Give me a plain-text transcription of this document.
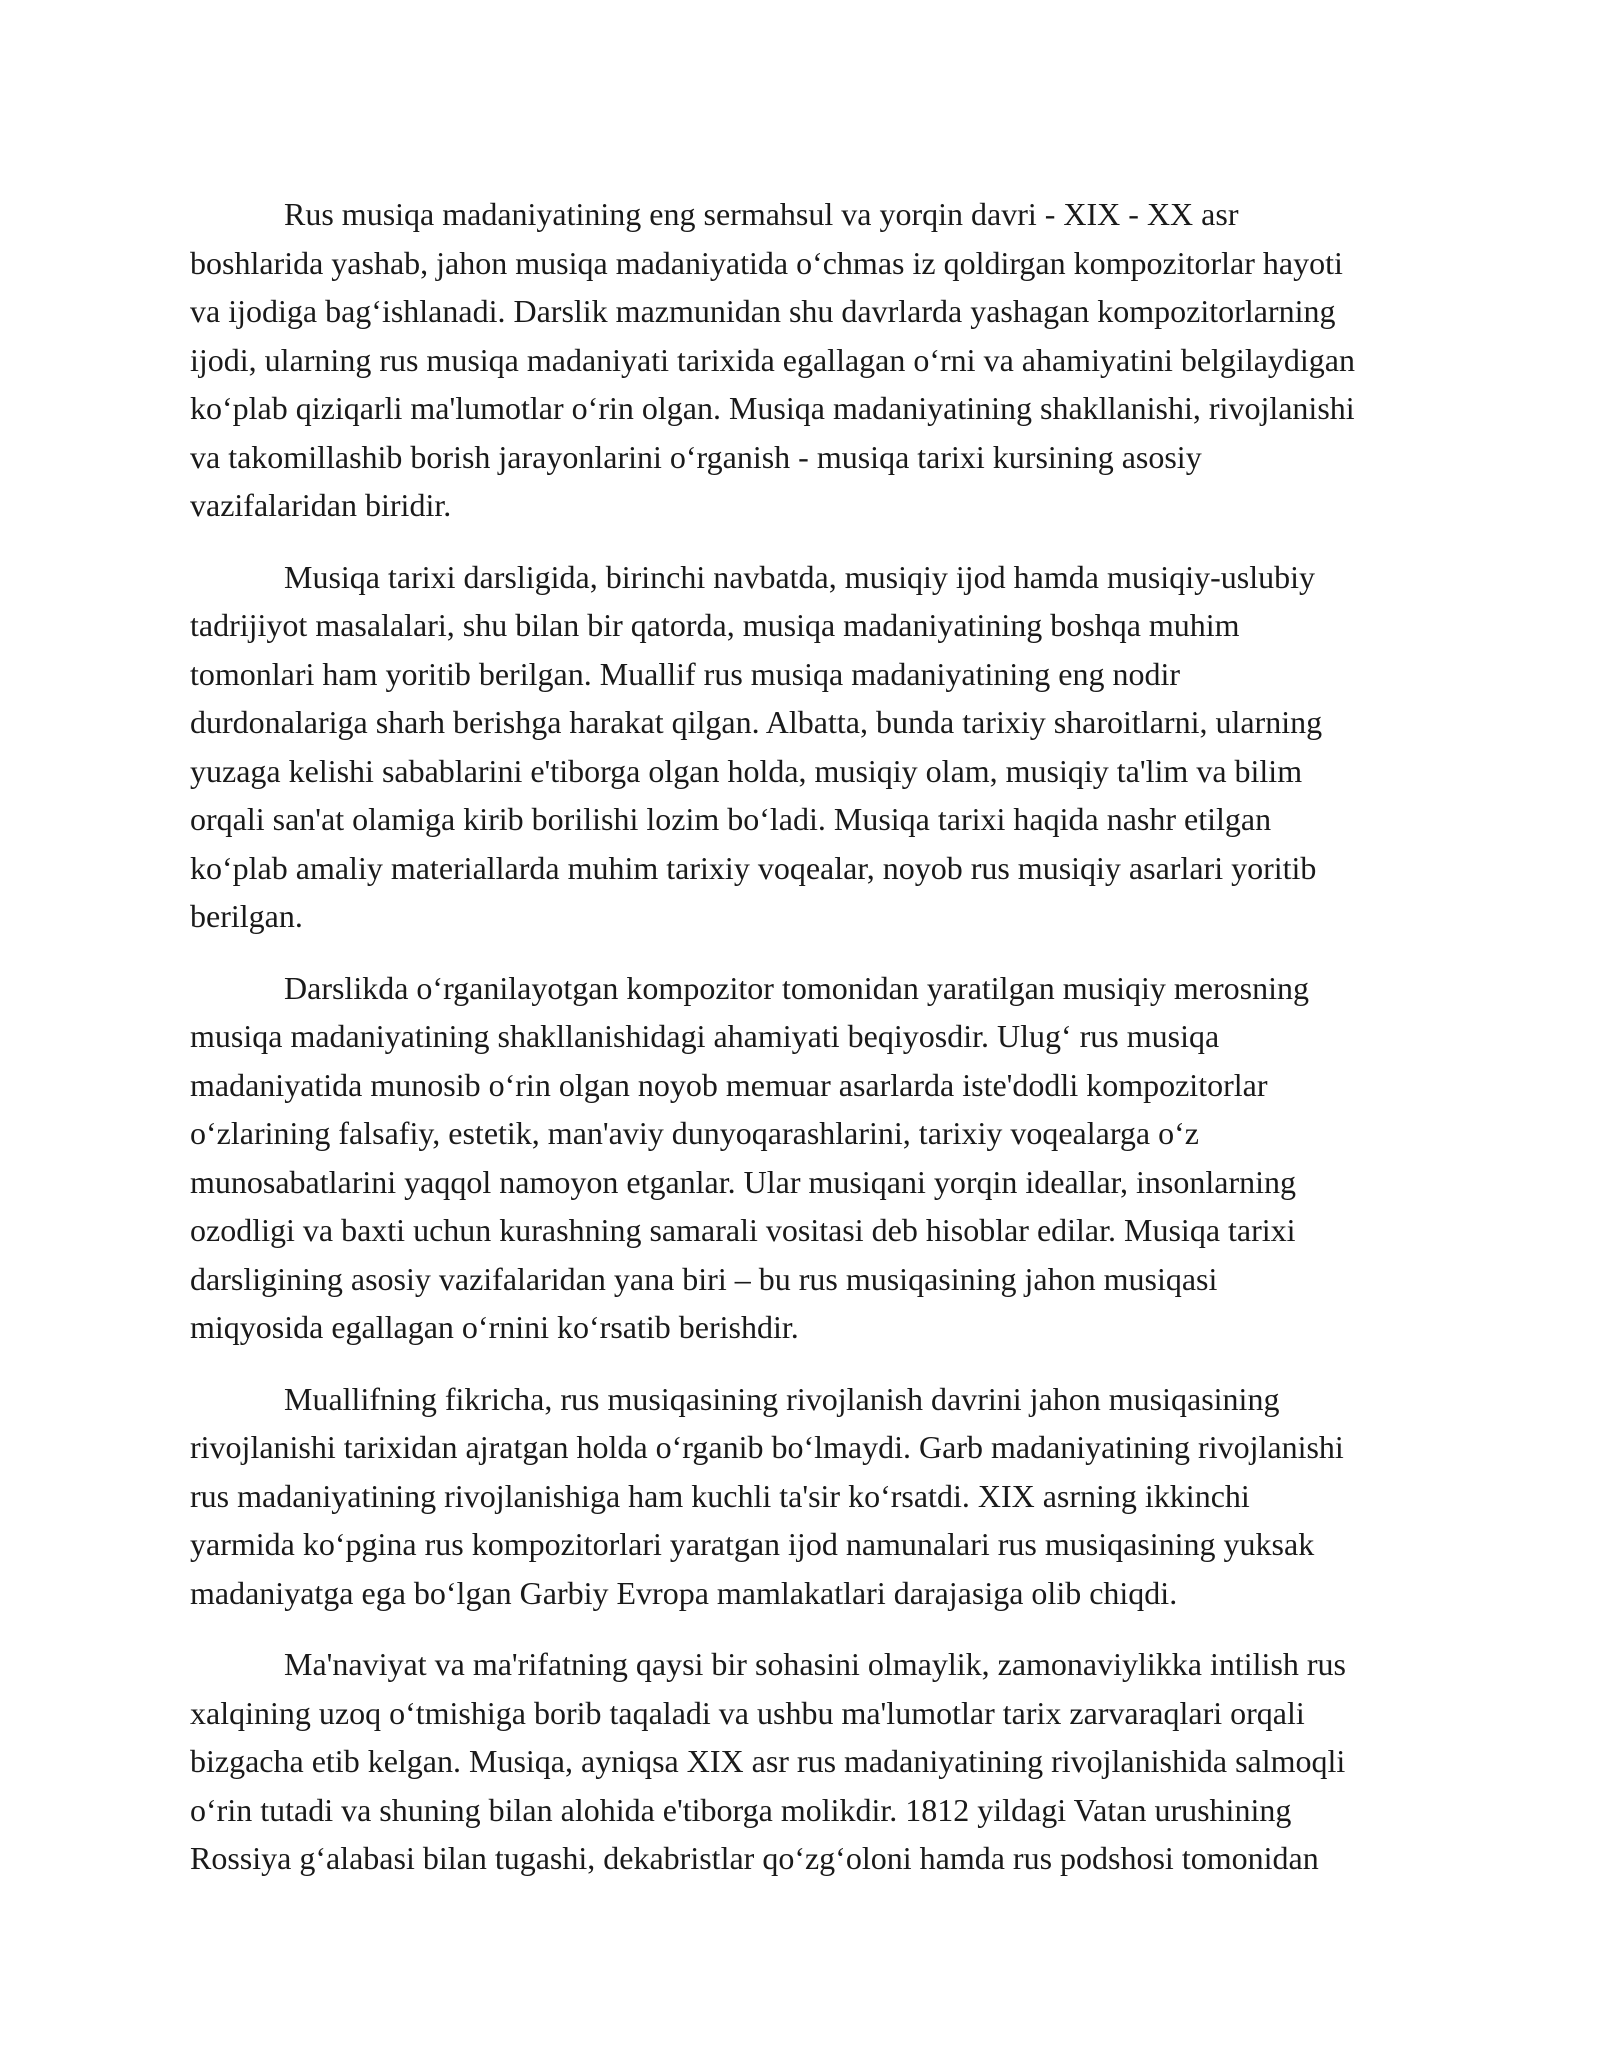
Rus musiqa madaniyatining eng sermahsul va yorqin davri - XIX - XX asr
boshlarida yashab, jahon musiqa madaniyatida oʻchmas iz qoldirgan kompozitorlar hayoti
va ijodiga bagʻishlanadi. Darslik mazmunidan shu davrlarda yashagan kompozitorlarning
ijodi, ularning rus musiqa madaniyati tarixida egallagan oʻrni va ahamiyatini belgilaydigan
koʻplab qiziqarli ma'lumotlar oʻrin olgan. Musiqa madaniyatining shakllanishi, rivojlanishi
va takomillashib borish jarayonlarini oʻrganish - musiqa tarixi kursining asosiy
vazifalaridan biridir.

Musiqa tarixi darsligida, birinchi navbatda, musiqiy ijod hamda musiqiy-uslubiy
tadrijiyot masalalari, shu bilan bir qatorda, musiqa madaniyatining boshqa muhim
tomonlari ham yoritib berilgan. Muallif rus musiqa madaniyatining eng nodir
durdonalariga sharh berishga harakat qilgan. Albatta, bunda tarixiy sharoitlarni, ularning
yuzaga kelishi sabablarini e'tiborga olgan holda, musiqiy olam, musiqiy ta'lim va bilim
orqali san'at olamiga kirib borilishi lozim boʻladi. Musiqa tarixi haqida nashr etilgan
koʻplab amaliy materiallarda muhim tarixiy voqealar, noyob rus musiqiy asarlari yoritib
berilgan.

Darslikda oʻrganilayotgan kompozitor tomonidan yaratilgan musiqiy merosning
musiqa madaniyatining shakllanishidagi ahamiyati beqiyosdir. Ulugʻ rus musiqa
madaniyatida munosib oʻrin olgan noyob memuar asarlarda iste'dodli kompozitorlar
oʻzlarining falsafiy, estetik, man'aviy dunyoqarashlarini, tarixiy voqealarga oʻz
munosabatlarini yaqqol namoyon etganlar. Ular musiqani yorqin ideallar, insonlarning
ozodligi va baxti uchun kurashning samarali vositasi deb hisoblar edilar. Musiqa tarixi
darsligining asosiy vazifalaridan yana biri – bu rus musiqasining jahon musiqasi
miqyosida egallagan oʻrnini koʻrsatib berishdir.

Muallifning fikricha, rus musiqasining rivojlanish davrini jahon musiqasining
rivojlanishi tarixidan ajratgan holda oʻrganib boʻlmaydi. Garb madaniyatining rivojlanishi
rus madaniyatining rivojlanishiga ham kuchli ta'sir koʻrsatdi. XIX asrning ikkinchi
yarmida koʻpgina rus kompozitorlari yaratgan ijod namunalari rus musiqasining yuksak
madaniyatga ega boʻlgan Garbiy Evropa mamlakatlari darajasiga olib chiqdi.

Ma'naviyat va ma'rifatning qaysi bir sohasini olmaylik, zamonaviylikka intilish rus
xalqining uzoq oʻtmishiga borib taqaladi va ushbu ma'lumotlar tarix zarvaraqlari orqali
bizgacha etib kelgan. Musiqa, ayniqsa XIX asr rus madaniyatining rivojlanishida salmoqli
oʻrin tutadi va shuning bilan alohida e'tiborga molikdir. 1812 yildagi Vatan urushining
Rossiya gʻalabasi bilan tugashi, dekabristlar qoʻzgʻoloni hamda rus podshosi tomonidan
